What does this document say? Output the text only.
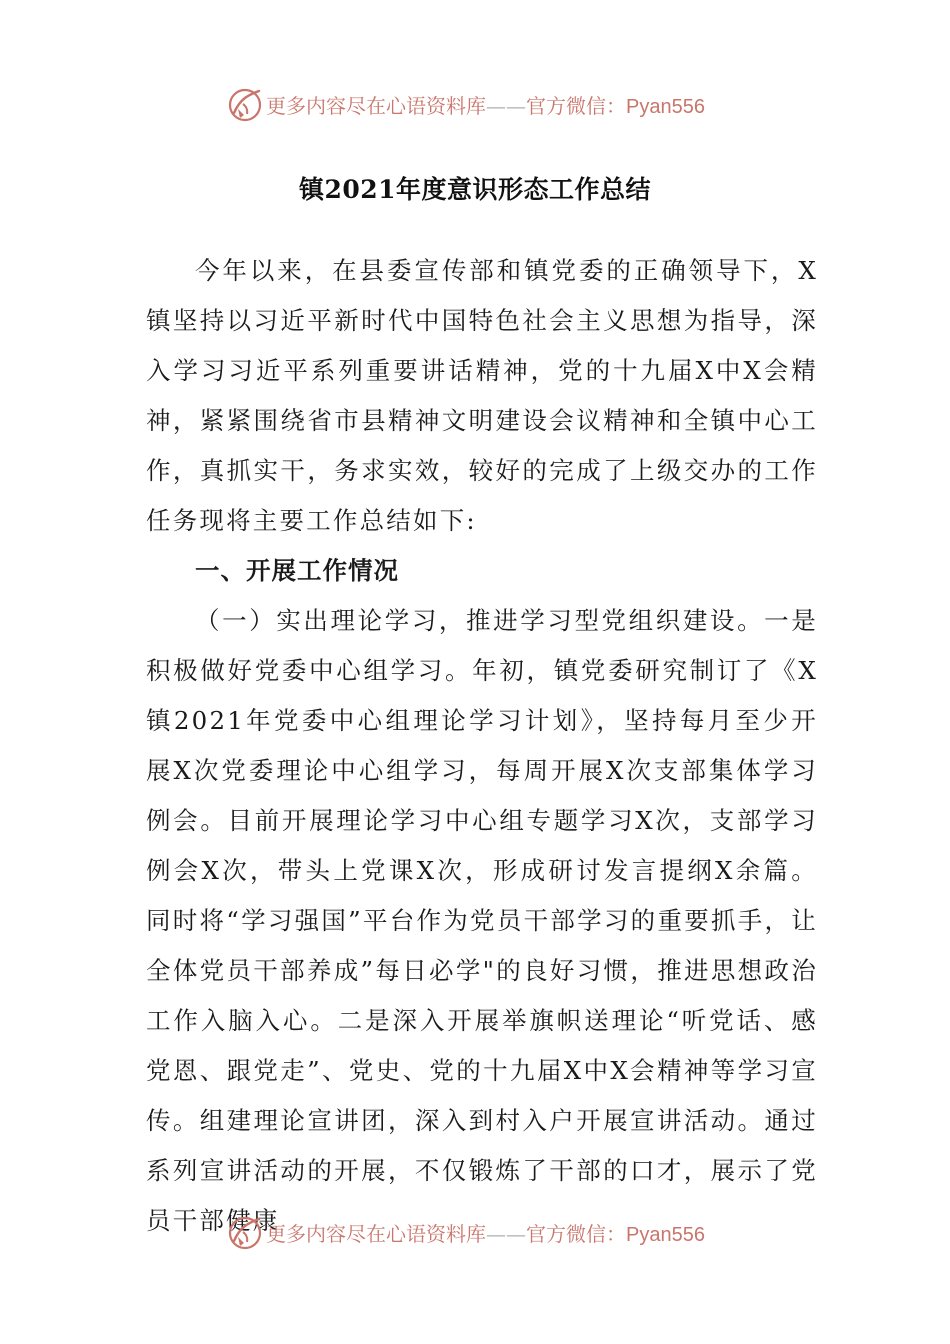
更多内容尽在心语资料库——官方微信：Pyan556
镇2021年度意识形态工作总结

今年以来，在县委宣传部和镇党委的正确领导下，X镇坚持以习近平新时代中国特色社会主义思想为指导，深入学习习近平系列重要讲话精神，党的十九届X中X会精神，紧紧围绕省市县精神文明建设会议精神和全镇中心工作，真抓实干，务求实效，较好的完成了上级交办的工作任务现将主要工作总结如下:

一、开展工作情况

（一）实出理论学习，推进学习型党组织建设。一是积极做好党委中心组学习。年初，镇党委研究制订了《X镇2021年党委中心组理论学习计划》，坚持每月至少开展X次党委理论中心组学习，每周开展X次支部集体学习例会。目前开展理论学习中心组专题学习X次，支部学习例会X次，带头上党课X次，形成研讨发言提纲X余篇。同时将“学习强国”平台作为党员干部学习的重要抓手，让全体党员干部养成”每日必学"的良好习惯，推进思想政治工作入脑入心。二是深入开展举旗帜送理论“听党话、感党恩、跟党走”、党史、党的十九届X中X会精神等学习宣传。组建理论宣讲团，深入到村入户开展宣讲活动。通过系列宣讲活动的开展，不仅锻炼了干部的口才，展示了党员干部健康

更多内容尽在心语资料库——官方微信：Pyan556
